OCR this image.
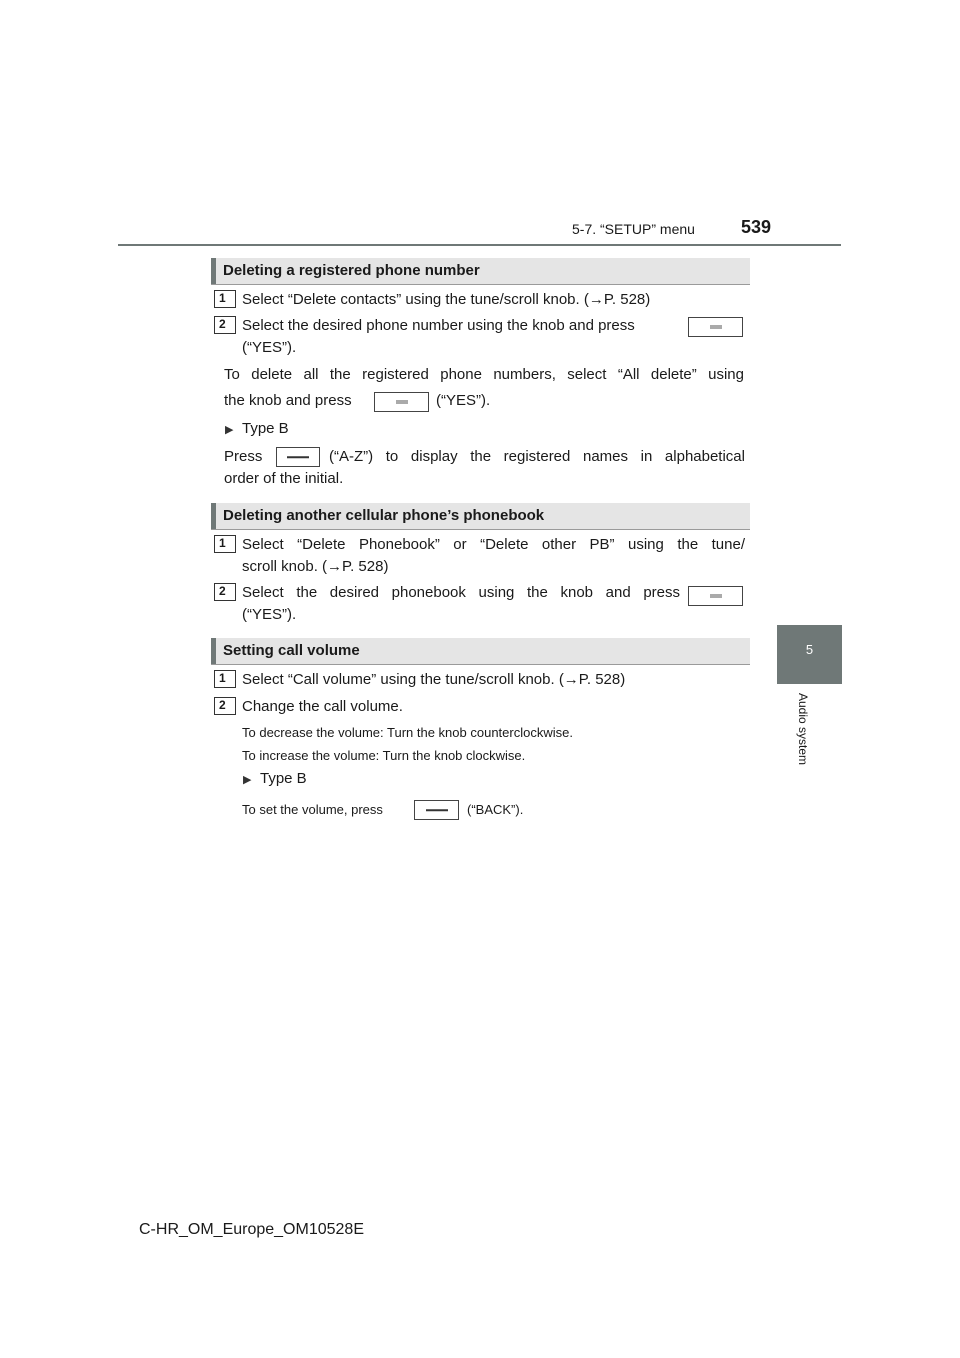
5-7. “SETUP” menu	539
5
Audio system
Deleting a registered phone number
1	Select “Delete contacts” using the tune/scroll knob. (→P. 528)
2	Select the desired phone number using the knob and press
(“YES”).
To delete all the registered phone numbers, select “All delete” using
the knob and press	(“YES”).
▶ Type B
Press	(“A-Z”) to display the registered names in alphabetical
order of the initial.
Deleting another cellular phone’s phonebook
1	Select “Delete Phonebook” or “Delete other PB” using the tune/
scroll knob. (→P. 528)
2	Select the desired phonebook using the knob and press
(“YES”).
Setting call volume
1	Select “Call volume” using the tune/scroll knob. (→P. 528)
2	Change the call volume.
To decrease the volume: Turn the knob counterclockwise.
To increase the volume: Turn the knob clockwise.
▶ Type B
To set the volume, press	(“BACK”).
C-HR_OM_Europe_OM10528E
